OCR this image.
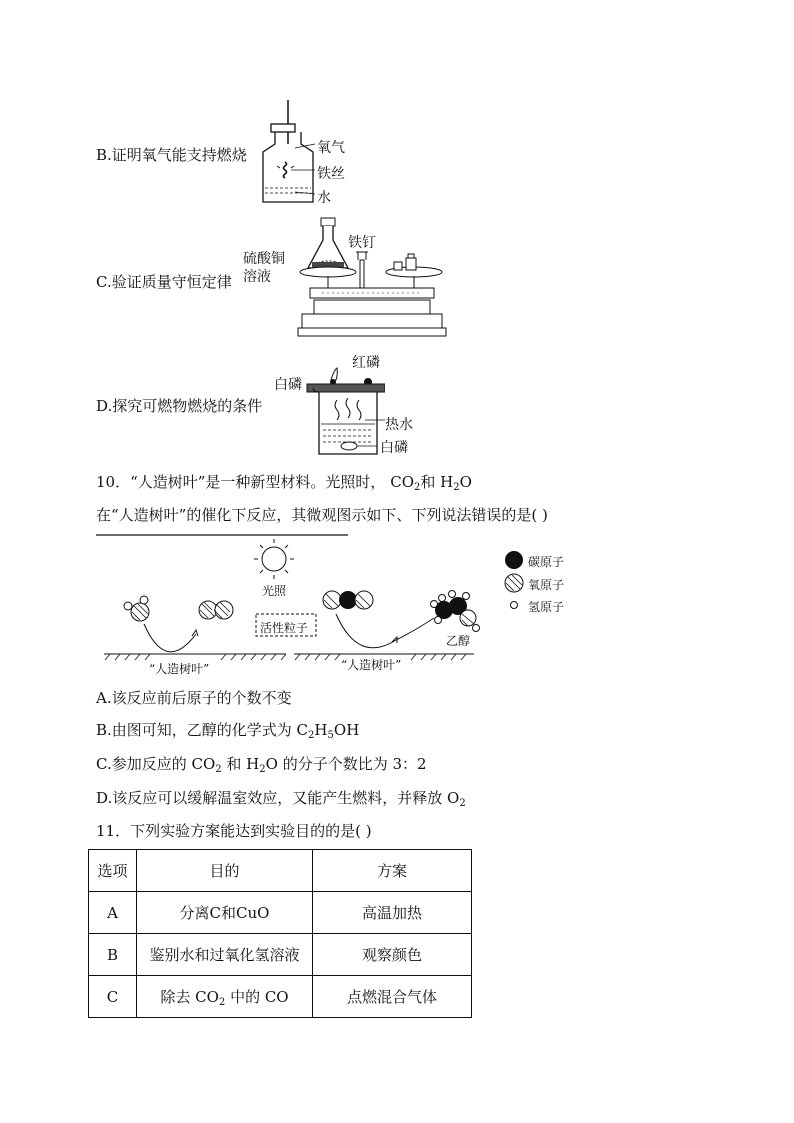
B.证明氧气能支持燃烧	氧气
铁丝
水
C.验证质量守恒定律
铁钉
硫酸铜
溶液
D.探究可燃物燃烧的条件
红磷
白磷
热水
白磷
10．“人造树叶”是一种新型材料。光照时， $CO_2$和 $H_2O$
在“人造树叶”的催化下反应，其微观图示如下、下列说法错误的是( )
光照
活性粒子
“人造树叶”	“人造树叶”
乙醇
碳原子
氧原子
氢原子
A.该反应前后原子的个数不变
B.由图可知，乙醇的化学式为 $C_2H_5OH$
C.参加反应的 $CO_2$ 和 $H_2O$ 的分子个数比为 3：2
D.该反应可以缓解温室效应，又能产生燃料，并释放 $O_2$
11．下列实验方案能达到实验目的的是( )
选项	目的	方案
A	分离C和CuO	高温加热
B	鉴别水和过氧化氢溶液	观察颜色
C	除去 $CO_2$ 中的 CO	点燃混合气体
